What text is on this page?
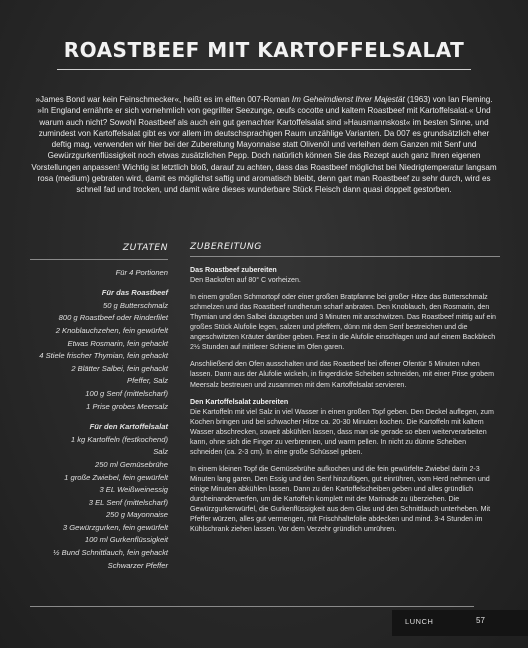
ROASTBEEF MIT KARTOFFELSALAT

»James Bond war kein Feinschmecker«, heißt es im elften 007-Roman Im Geheimdienst Ihrer Majestät (1963) von Ian Fleming. »In England ernährte er sich vornehmlich von gegrillter Seezunge, œufs cocotte und kaltem Roastbeef mit Kartoffelsalat.« Und warum auch nicht? Sowohl Roastbeef als auch ein gut gemachter Kartoffelsalat sind »Hausmannskost« im besten Sinne, und zumindest von Kartoffelsalat gibt es vor allem im deutschsprachigen Raum unzählige Varianten. Da 007 es grundsätzlich eher deftig mag, verwenden wir hier bei der Zubereitung Mayonnaise statt Olivenöl und verleihen dem Ganzen mit Senf und Gewürzgurkenflüssigkeit noch etwas zusätzlichen Pepp. Doch natürlich können Sie das Rezept auch ganz Ihren eigenen Vorstellungen anpassen! Wichtig ist letztlich bloß, darauf zu achten, dass das Roastbeef möglichst bei Niedrigtemperatur langsam rosa (medium) gebraten wird, damit es möglichst saftig und aromatisch bleibt, denn gart man Roastbeef zu sehr durch, wird es schnell fad und trocken, und damit wäre dieses wunderbare Stück Fleisch dann quasi doppelt gestorben.

ZUTATEN
Für 4 Portionen
Für das Roastbeef
50 g Butterschmalz
800 g Roastbeef oder Rinderfilet
2 Knoblauchzehen, fein gewürfelt
Etwas Rosmarin, fein gehackt
4 Stiele frischer Thymian, fein gehackt
2 Blätter Salbei, fein gehackt
Pfeffer, Salz
100 g Senf (mittelscharf)
1 Prise grobes Meersalz
Für den Kartoffelsalat
1 kg Kartoffeln (festkochend)
Salz
250 ml Gemüsebrühe
1 große Zwiebel, fein gewürfelt
3 EL Weißweinessig
3 EL Senf (mittelscharf)
250 g Mayonnaise
3 Gewürzgurken, fein gewürfelt
100 ml Gurkenflüssigkeit
½ Bund Schnittlauch, fein gehackt
Schwarzer Pfeffer
ZUBEREITUNG
Das Roastbeef zubereiten

Den Backofen auf 80° C vorheizen.

In einem großen Schmortopf oder einer großen Bratpfanne bei großer Hitze das Butterschmalz schmelzen und das Roastbeef rundherum scharf anbraten. Den Knoblauch, den Rosmarin, den Thymian und den Salbei dazugeben und 3 Minuten mit anschwitzen. Das Roastbeef mittig auf ein großes Stück Alufolie legen, salzen und pfeffern, dünn mit dem Senf bestreichen und die angeschwitzten Kräuter darüber geben. Fest in die Alufolie einschlagen und auf einem Backblech 2½ Stunden auf mittlerer Schiene im Ofen garen.

Anschließend den Ofen ausschalten und das Roastbeef bei offener Ofentür 5 Minuten ruhen lassen. Dann aus der Alufolie wickeln, in fingerdicke Scheiben schneiden, mit einer Prise grobem Meersalz bestreuen und zusammen mit dem Kartoffelsalat servieren.

Den Kartoffelsalat zubereiten

Die Kartoffeln mit viel Salz in viel Wasser in einen großen Topf geben. Den Deckel auflegen, zum Kochen bringen und bei schwacher Hitze ca. 20-30 Minuten kochen. Die Kartoffeln mit kaltem Wasser abschrecken, soweit abkühlen lassen, dass man sie gerade so eben weiterverarbeiten kann, ohne sich die Finger zu verbrennen, und warm pellen. In nicht zu dünne Scheiben schneiden (ca. 2-3 cm). In eine große Schüssel geben.

In einem kleinen Topf die Gemüsebrühe aufkochen und die fein gewürfelte Zwiebel darin 2-3 Minuten lang garen. Den Essig und den Senf hinzufügen, gut einrühren, vom Herd nehmen und einige Minuten abkühlen lassen. Dann zu den Kartoffelscheiben geben und alles gründlich durcheinanderwerfen, um die Kartoffeln komplett mit der Marinade zu überziehen. Die Gewürzgurkenwürfel, die Gurkenflüssigkeit aus dem Glas und den Schnittlauch unterheben. Mit Pfeffer würzen, alles gut vermengen, mit Frischhaltefolie abdecken und mind. 3-4 Stunden im Kühlschrank ziehen lassen. Vor dem Verzehr gründlich umrühren.

LUNCH	57
